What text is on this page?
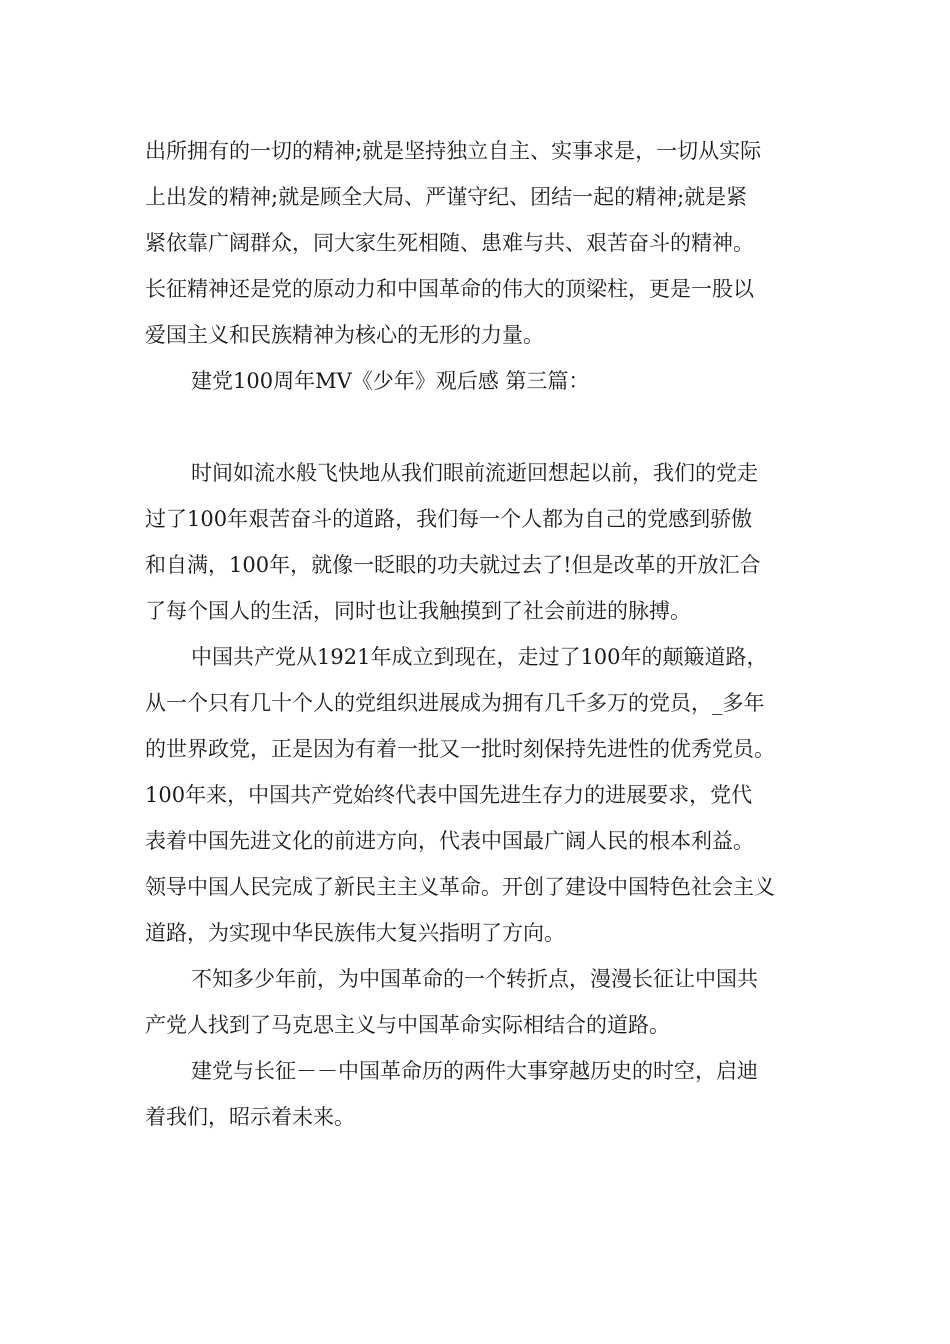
出所拥有的一切的精神;就是坚持独立自主、实事求是，一切从实际
上出发的精神;就是顾全大局、严谨守纪、团结一起的精神;就是紧
紧依靠广阔群众，同大家生死相随、患难与共、艰苦奋斗的精神。
长征精神还是党的原动力和中国革命的伟大的顶梁柱，更是一股以
爱国主义和民族精神为核心的无形的力量。
建党100周年MV《少年》观后感 第三篇：
时间如流水般飞快地从我们眼前流逝回想起以前，我们的党走
过了100年艰苦奋斗的道路，我们每一个人都为自己的党感到骄傲
和自满，100年，就像一眨眼的功夫就过去了!但是改革的开放汇合
了每个国人的生活，同时也让我触摸到了社会前进的脉搏。
中国共产党从1921年成立到现在，走过了100年的颠簸道路，
从一个只有几十个人的党组织进展成为拥有几千多万的党员，_多年
的世界政党，正是因为有着一批又一批时刻保持先进性的优秀党员。
100年来，中国共产党始终代表中国先进生存力的进展要求，党代
表着中国先进文化的前进方向，代表中国最广阔人民的根本利益。
领导中国人民完成了新民主主义革命。开创了建设中国特色社会主义
道路，为实现中华民族伟大复兴指明了方向。
不知多少年前，为中国革命的一个转折点，漫漫长征让中国共
产党人找到了马克思主义与中国革命实际相结合的道路。
建党与长征－－中国革命历的两件大事穿越历史的时空，启迪
着我们，昭示着未来。
